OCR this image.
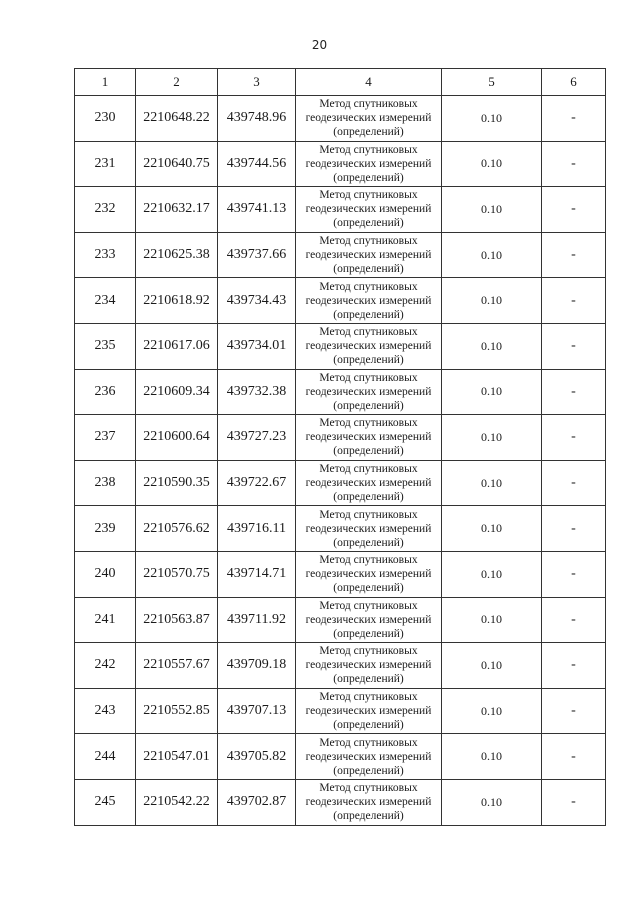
20
1	2	3	4	5	6
230	2210648.22	439748.96	Метод спутниковых геодезических измерений (определений)	0.10	-
231	2210640.75	439744.56	Метод спутниковых геодезических измерений (определений)	0.10	-
232	2210632.17	439741.13	Метод спутниковых геодезических измерений (определений)	0.10	-
233	2210625.38	439737.66	Метод спутниковых геодезических измерений (определений)	0.10	-
234	2210618.92	439734.43	Метод спутниковых геодезических измерений (определений)	0.10	-
235	2210617.06	439734.01	Метод спутниковых геодезических измерений (определений)	0.10	-
236	2210609.34	439732.38	Метод спутниковых геодезических измерений (определений)	0.10	-
237	2210600.64	439727.23	Метод спутниковых геодезических измерений (определений)	0.10	-
238	2210590.35	439722.67	Метод спутниковых геодезических измерений (определений)	0.10	-
239	2210576.62	439716.11	Метод спутниковых геодезических измерений (определений)	0.10	-
240	2210570.75	439714.71	Метод спутниковых геодезических измерений (определений)	0.10	-
241	2210563.87	439711.92	Метод спутниковых геодезических измерений (определений)	0.10	-
242	2210557.67	439709.18	Метод спутниковых геодезических измерений (определений)	0.10	-
243	2210552.85	439707.13	Метод спутниковых геодезических измерений (определений)	0.10	-
244	2210547.01	439705.82	Метод спутниковых геодезических измерений (определений)	0.10	-
245	2210542.22	439702.87	Метод спутниковых геодезических измерений (определений)	0.10	-
